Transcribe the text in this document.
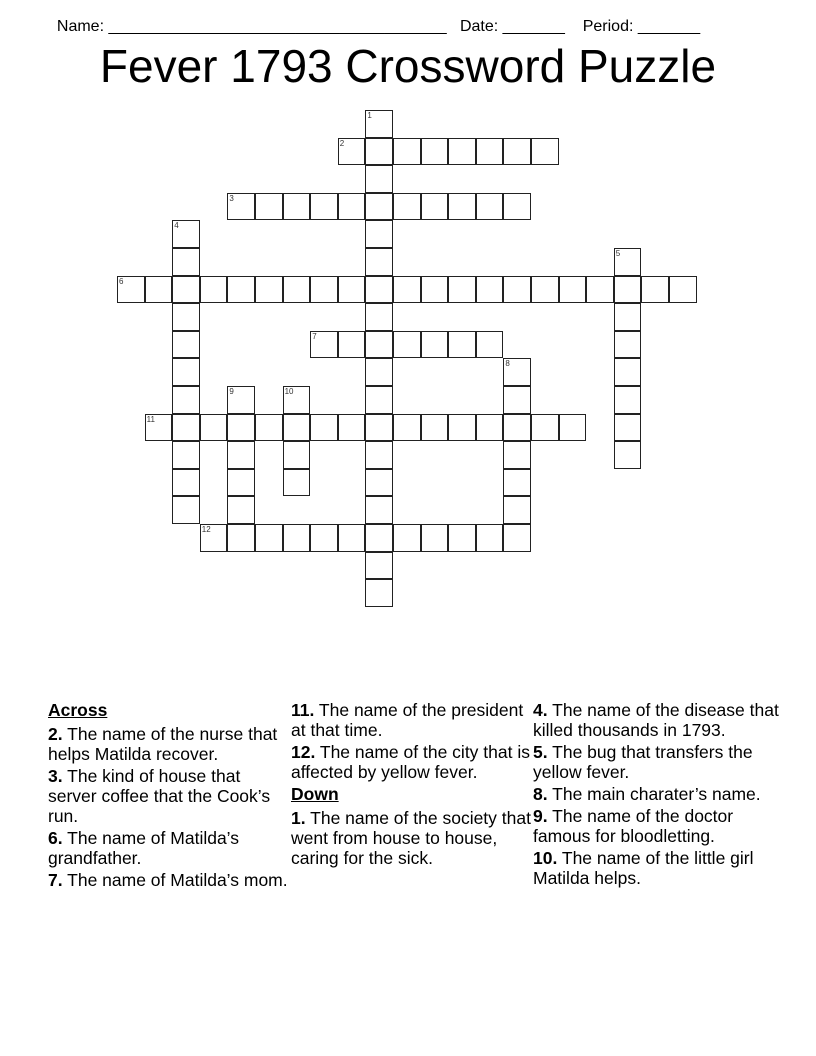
Name: ______________________________________ Date: _______ Period: _______

Fever 1793 Crossword Puzzle
1
2
3
4
5
6
7
8
9	10
11
12
Across
2. The name of the nurse that helps Matilda recover.
3. The kind of house that server coffee that the Cook’s run.
6. The name of Matilda’s grandfather.
7. The name of Matilda’s mom.
11. The name of the president at that time.
12. The name of the city that is affected by yellow fever.
Down
1. The name of the society that went from house to house, caring for the sick.
4. The name of the disease that killed thousands in 1793.
5. The bug that transfers the yellow fever.
8. The main charater’s name.
9. The name of the doctor famous for bloodletting.
10. The name of the little girl Matilda helps.
